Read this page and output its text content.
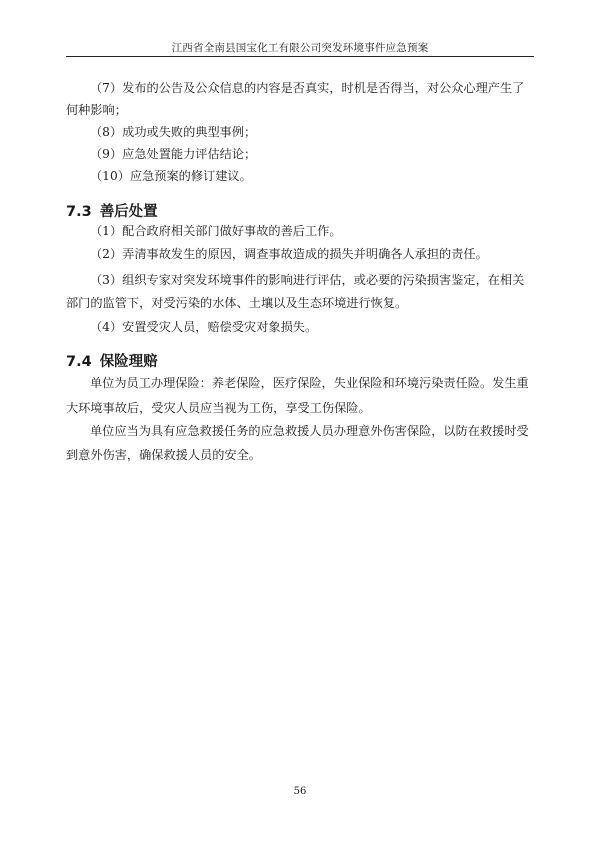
江西省全南县国宝化工有限公司突发环境事件应急预案

（7）发布的公告及公众信息的内容是否真实，时机是否得当，对公众心理产生了

何种影响；

（8）成功或失败的典型事例；

（9）应急处置能力评估结论；

（10）应急预案的修订建议。

7.3 善后处置

（1）配合政府相关部门做好事故的善后工作。

（2）弄清事故发生的原因，调查事故造成的损失并明确各人承担的责任。

（3）组织专家对突发环境事件的影响进行评估，或必要的污染损害鉴定，在相关

部门的监管下，对受污染的水体、土壤以及生态环境进行恢复。

（4）安置受灾人员，赔偿受灾对象损失。

7.4 保险理赔

单位为员工办理保险：养老保险，医疗保险，失业保险和环境污染责任险。发生重

大环境事故后，受灾人员应当视为工伤，享受工伤保险。

单位应当为具有应急救援任务的应急救援人员办理意外伤害保险，以防在救援时受

到意外伤害，确保救援人员的安全。

56
